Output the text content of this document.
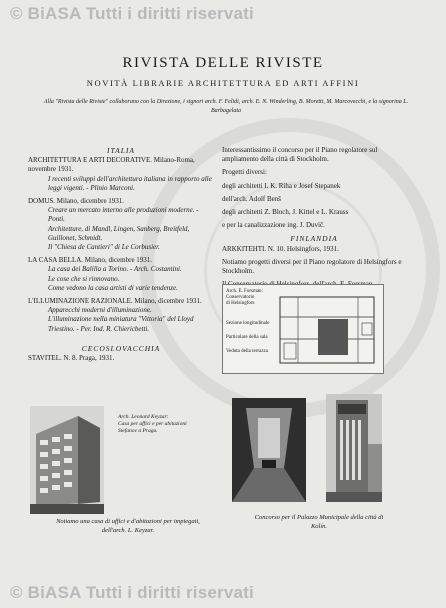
© BiASA Tutti i diritti riservati
RIVISTA DELLE RIVISTE
NOVITÀ LIBRARIE ARCHITETTURA ED ARTI AFFINI
Alla "Rivista delle Riviste" collaborano con la Direzione, i signori arch. F. Felidi, arch. E. N. Winderling, B. Moretti, M. Marcovecchi, e la signorina L. Barbagelata
ITALIA
ARCHITETTURA E ARTI DECORATIVE. Milano-Roma, novembre 1931.
I recenti sviluppi dell'architettura italiana in rapporto alle leggi vigenti. - Plinio Marconi.
DOMUS. Milano, dicembre 1931.
Creare un mercato interno alle produzioni moderne. - Ponti.
Architetture, di Mandl, Lingen, Sanberg, Breitfeld, Guillonet, Schmidt.
Il "Chiesa de Cantieri" di Le Corbusier.
LA CASA BELLA. Milano, dicembre 1931.
La casa dei Balilla a Torino. - Arch. Costantini.
Le cose che si rinnovano.
Come vedono la casa artisti di varie tendenze.
L'ILLUMINAZIONE RAZIONALE. Milano, dicembre 1931.
Apparecchi moderni d'illuminazione.
L'illuminazione nella miniatura "Vittoria" del Lloyd Triestino. - Per. Ind. R. Chiericbetti.
CECOSLOVACCHIA
STAVITEL. N. 8. Praga, 1931.
Interessantissimo il concorso per il Piano regolatore sul ampliamento della città di Stockholm.
Progetti diversi:
degli architetti I. K. Riha e Josef Stepanek
dell'arch. Adolf Benš
degli architetti Z. Bloch, J. Kittel e L. Krauss
e per la canalizzazione ing. J. Duvič.
FINLANDIA
ARKKITEHTI. N. 10. Helsingfors, 1931.
Notiamo progetti diversi per il Piano regolatore di Helsingfors e Stockholm.
Arch. E. Forsman:
Conservatorio
di Helsingfors
Sezione longitudinale
Particolare della sala
Veduta della terrazza
Arch. Leonard Keyzar:
Casa per uffici e per abitazioni
Stefanov a Praga.
Notiamo una casa di uffici e d'abitazioni per impiegati, dell'arch. L. Keyzar.
Concorso per il Palazzo Municipale della città di Kolín.
© BiASA Tutti i diritti riservati
